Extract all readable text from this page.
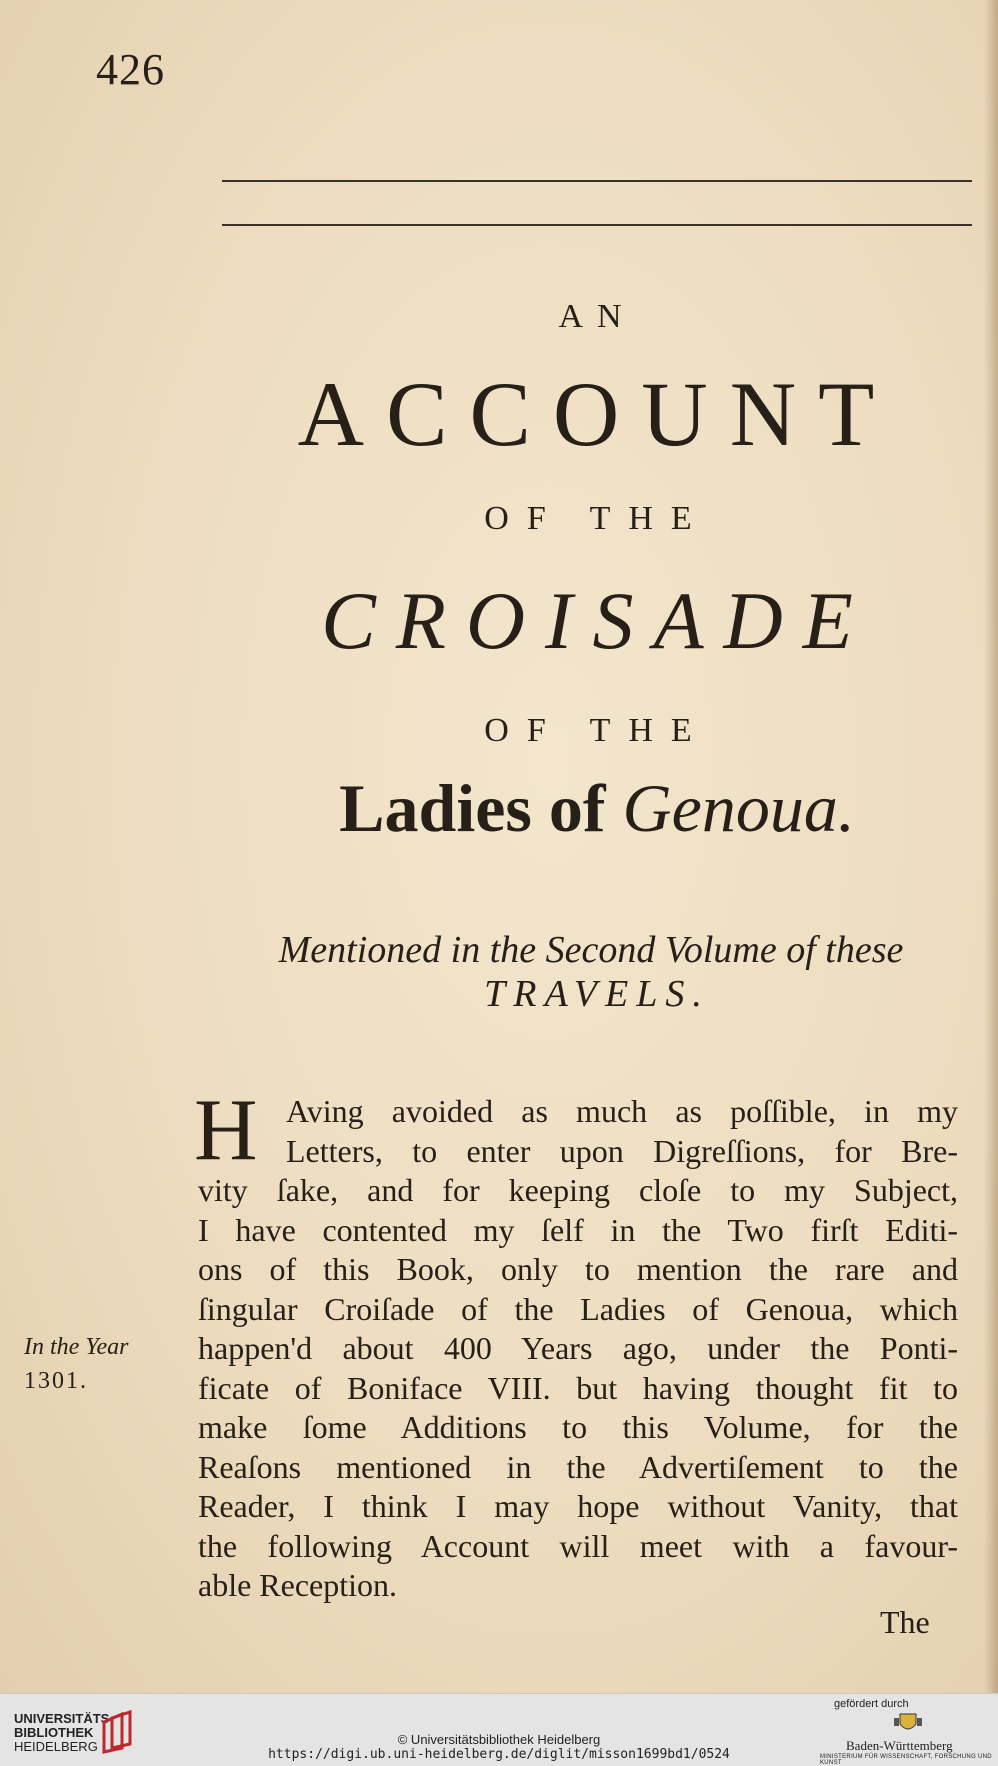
426
AN
ACCOUNT
OF THE
CROISADE
OF THE
Ladies of Genoua.
Mentioned in the Second Volume of these
TRAVELS.
H Aving avoided as much as poſſible, in my
Letters, to enter upon Digreſſions, for Bre-
vity ſake, and for keeping cloſe to my Subject,
I have contented my ſelf in the Two firſt Editi-
ons of this Book, only to mention the rare and
ſingular Croiſade of the Ladies of Genoua, which
happen'd about 400 Years ago, under the Ponti-
ficate of Boniface VIII. but having thought fit to
make ſome Additions to this Volume, for the
Reaſons mentioned in the Advertiſement to the
Reader, I think I may hope without Vanity, that
the following Account will meet with a favour-
able Reception.
In the Year
1301.
The
UNIVERSITÄTS-
BIBLIOTHEK
HEIDELBERG	© Universitätsbibliothek Heidelberg
https://digi.ub.uni-heidelberg.de/diglit/misson1699bd1/0524
gefördert durch
Baden-Württemberg
MINISTERIUM FÜR WISSENSCHAFT, FORSCHUNG UND KUNST
